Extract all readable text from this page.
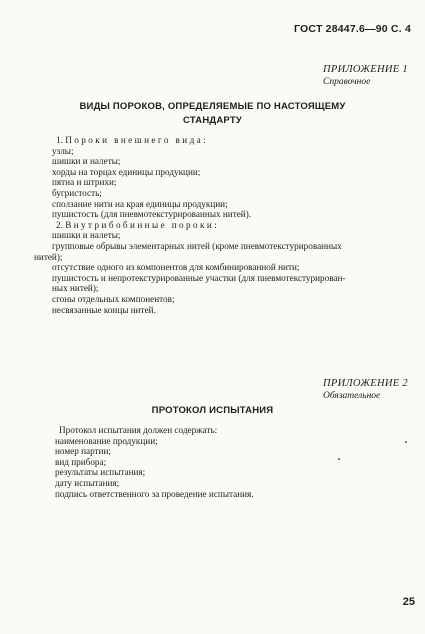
ГОСТ 28447.6—90 С. 4
ПРИЛОЖЕНИЕ 1
Справочное
ВИДЫ ПОРОКОВ, ОПРЕДЕЛЯЕМЫЕ ПО НАСТОЯЩЕМУ
СТАНДАРТУ
1. Пороки внешнего вида:
узлы;
шишки и налеты;
хорды на торцах единицы продукции;
пятна и штрихи;
бугристость;
сползание нити на края единицы продукции;
пушистость (для пневмотекстурированных нитей).
2. Внутрибобинные пороки:
шишки и налеты;
групповые обрывы элементарных нитей (кроме пневмотекстурированных
нитей);
отсутствие одного из компонентов для комбинированной нити;
пушистость и непротекстурированные участки (для пневмотекстурирован-
ных нитей);
сгоны отдельных компонентов;
несвязанные концы нитей.
ПРИЛОЖЕНИЕ 2
Обязательное
ПРОТОКОЛ ИСПЫТАНИЯ
Протокол испытания должен содержать:
наименование продукции;
номер партии;
вид прибора;
результаты испытания;
дату испытания;
подпись ответственного за проведение испытания.
25
